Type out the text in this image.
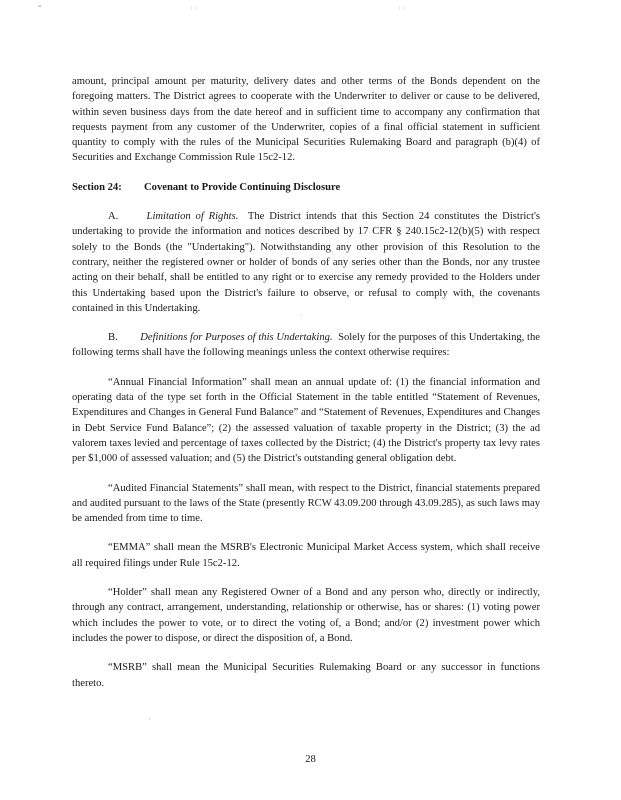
-	· ·	· ·
·
·

amount, principal amount per maturity, delivery dates and other terms of the Bonds dependent on the foregoing matters. The District agrees to cooperate with the Underwriter to deliver or cause to be delivered, within seven business days from the date hereof and in sufficient time to accompany any confirmation that requests payment from any customer of the Underwriter, copies of a final official statement in sufficient quantity to comply with the rules of the Municipal Securities Rulemaking Board and paragraph (b)(4) of Securities and Exchange Commission Rule 15c2-12.

Section 24: Covenant to Provide Continuing Disclosure

A.	Limitation of Rights. The District intends that this Section 24 constitutes the District's undertaking to provide the information and notices described by 17 CFR § 240.15c2-12(b)(5) with respect solely to the Bonds (the "Undertaking"). Notwithstanding any other provision of this Resolution to the contrary, neither the registered owner or holder of bonds of any series other than the Bonds, nor any trustee acting on their behalf, shall be entitled to any right or to exercise any remedy provided to the Holders under this Undertaking based upon the District's failure to observe, or refusal to comply with, the covenants contained in this Undertaking.

B. Definitions for Purposes of this Undertaking. Solely for the purposes of this Undertaking, the following terms shall have the following meanings unless the context otherwise requires:

“Annual Financial Information” shall mean an annual update of: (1) the financial information and operating data of the type set forth in the Official Statement in the table entitled “Statement of Revenues, Expenditures and Changes in General Fund Balance” and “Statement of Revenues, Expenditures and Changes in Debt Service Fund Balance”; (2) the assessed valuation of taxable property in the District; (3) the ad valorem taxes levied and percentage of taxes collected by the District; (4) the District's property tax levy rates per $1,000 of assessed valuation; and (5) the District's outstanding general obligation debt.

“Audited Financial Statements” shall mean, with respect to the District, financial statements prepared and audited pursuant to the laws of the State (presently RCW 43.09.200 through 43.09.285), as such laws may be amended from time to time.

“EMMA” shall mean the MSRB's Electronic Municipal Market Access system, which shall receive all required filings under Rule 15c2-12.

“Holder” shall mean any Registered Owner of a Bond and any person who, directly or indirectly, through any contract, arrangement, understanding, relationship or otherwise, has or shares: (1) voting power which includes the power to vote, or to direct the voting of, a Bond; and/or (2) investment power which includes the power to dispose, or direct the disposition of, a Bond.

“MSRB” shall mean the Municipal Securities Rulemaking Board or any successor in functions thereto.

28
